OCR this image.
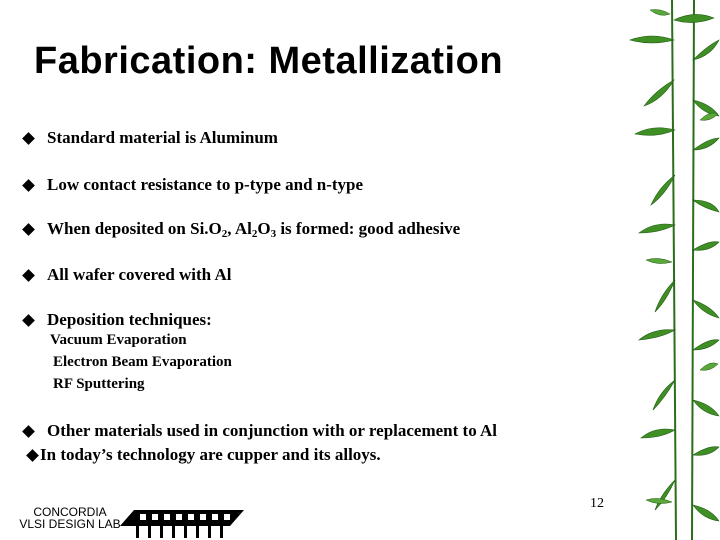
Fabrication: Metallization
Standard material is Aluminum
Low contact resistance to p-type and n-type
When deposited on $Si.O_2$, $Al_2O_3$ is formed: good adhesive
All wafer covered with Al
Deposition techniques:
Vacuum Evaporation
Electron Beam Evaporation
RF Sputtering
Other materials used in conjunction with or replacement to Al
In today’s technology are cupper and its alloys.
12
CONCORDIA
VLSI DESIGN LAB
